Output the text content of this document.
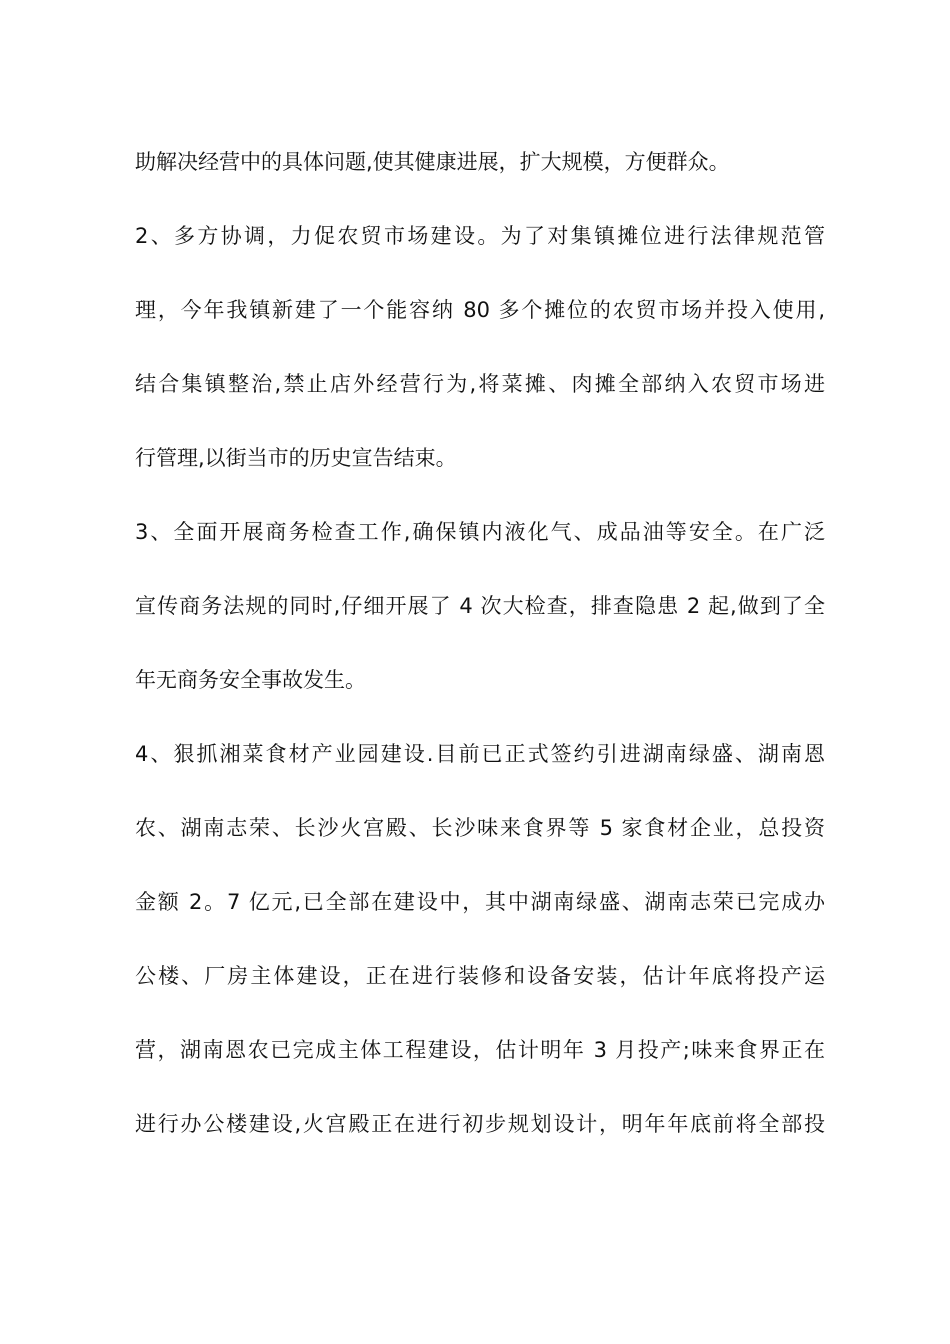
助解决经营中的具体问题,使其健康进展，扩大规模，方便群众。
2、多方协调，力促农贸市场建设。为了对集镇摊位进行法律规范管
理，今年我镇新建了一个能容纳 80 多个摊位的农贸市场并投入使用,
结合集镇整治,禁止店外经营行为,将菜摊、肉摊全部纳入农贸市场进
行管理,以街当市的历史宣告结束。
3、全面开展商务检查工作,确保镇内液化气、成品油等安全。在广泛
宣传商务法规的同时,仔细开展了 4 次大检查，排查隐患 2 起,做到了全
年无商务安全事故发生。
4、狠抓湘菜食材产业园建设.目前已正式签约引进湖南绿盛、湖南恩
农、湖南志荣、长沙火宫殿、长沙味来食界等 5 家食材企业，总投资
金额 2。7 亿元,已全部在建设中，其中湖南绿盛、湖南志荣已完成办
公楼、厂房主体建设，正在进行装修和设备安装，估计年底将投产运
营，湖南恩农已完成主体工程建设，估计明年 3 月投产;味来食界正在
进行办公楼建设,火宫殿正在进行初步规划设计，明年年底前将全部投
